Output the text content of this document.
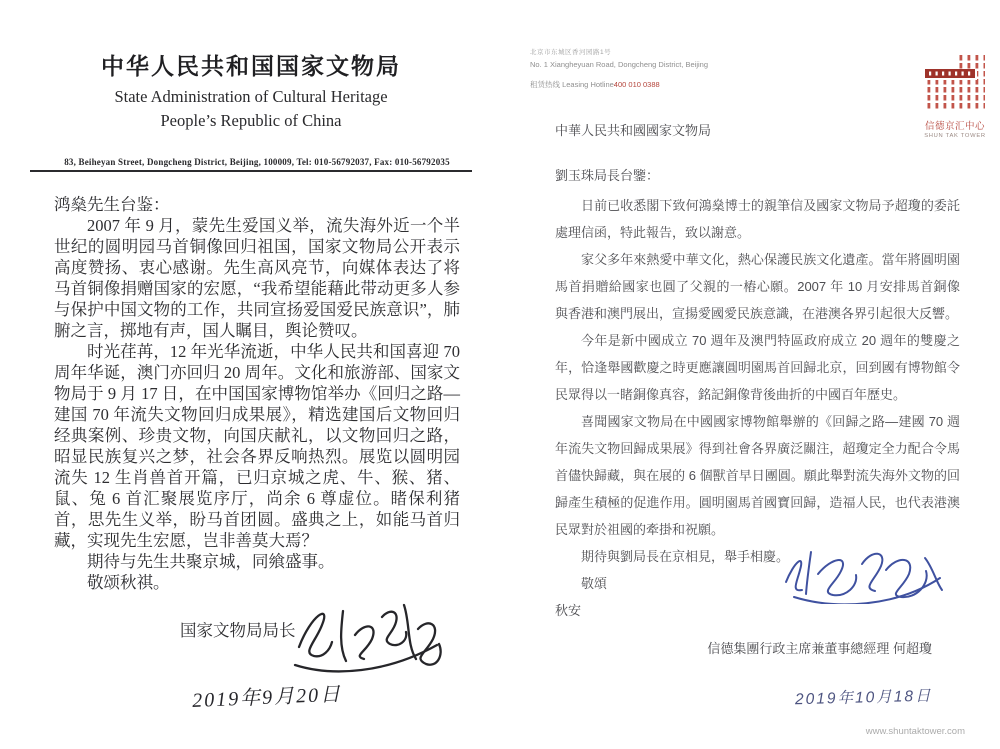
中华人民共和国国家文物局
State Administration of Cultural Heritage
People’s Republic of China
83, Beiheyan Street, Dongcheng District, Beijing, 100009, Tel: 010-56792037, Fax: 010-56792035

鸿燊先生台鉴：

2007 年 9 月，蒙先生爱国义举，流失海外近一个半世纪的圆明园马首铜像回归祖国，国家文物局公开表示高度赞扬、衷心感谢。先生高风亮节，向媒体表达了将马首铜像捐赠国家的宏愿，“我希望能藉此带动更多人参与保护中国文物的工作，共同宣扬爱国爱民族意识”，肺腑之言，掷地有声，国人瞩目，舆论赞叹。

时光荏苒，12 年光华流逝，中华人民共和国喜迎 70 周年华诞，澳门亦回归 20 周年。文化和旅游部、国家文物局于 9 月 17 日，在中国国家博物馆举办《回归之路—建国 70 年流失文物回归成果展》，精选建国后文物回归经典案例、珍贵文物，向国庆献礼，以文物回归之路，昭显民族复兴之梦，社会各界反响热烈。展览以圆明园流失 12 生肖兽首开篇，已归京城之虎、牛、猴、猪、鼠、兔 6 首汇聚展览序厅，尚余 6 尊虚位。睹保利猪首，思先生义举，盼马首团圆。盛典之上，如能马首归藏，实现先生宏愿，岂非善莫大焉？

期待与先生共聚京城，同飨盛事。

敬颂秋祺。

国家文物局局长
2019年9月20日
北京市东城区香河园路1号
No. 1 Xiangheyuan Road, Dongcheng District, Beijing
租赁热线 Leasing Hotline400 010 0388
信德京汇中心
SHUN TAK TOWER
中華人民共和國國家文物局
劉玉珠局長台鑒：

日前已收悉閣下致何鴻燊博士的親筆信及國家文物局予超瓊的委託處理信函，特此報告，致以謝意。

家父多年來熱愛中華文化，熱心保護民族文化遺產。當年將圓明園馬首捐贈給國家也圓了父親的一樁心願。2007 年 10 月安排馬首銅像與香港和澳門展出，宣揚愛國愛民族意識，在港澳各界引起很大反響。

今年是新中國成立 70 週年及澳門特區政府成立 20 週年的雙慶之年，恰逢舉國歡慶之時更應讓圓明園馬首回歸北京，回到國有博物館令民眾得以一睹銅像真容，銘記銅像背後曲折的中國百年歷史。

喜聞國家文物局在中國國家博物館舉辦的《回歸之路—建國 70 週年流失文物回歸成果展》得到社會各界廣泛關注，超瓊定全力配合令馬首儘快歸藏，與在展的 6 個獸首早日團圓。願此舉對流失海外文物的回歸產生積極的促進作用。圓明園馬首國寶回歸，造福人民，也代表港澳民眾對於祖國的牽掛和祝願。

期待與劉局長在京相見，舉手相慶。

敬頌

秋安

信德集團行政主席兼董事總經理 何超瓊
2019年10月18日
www.shuntaktower.com
